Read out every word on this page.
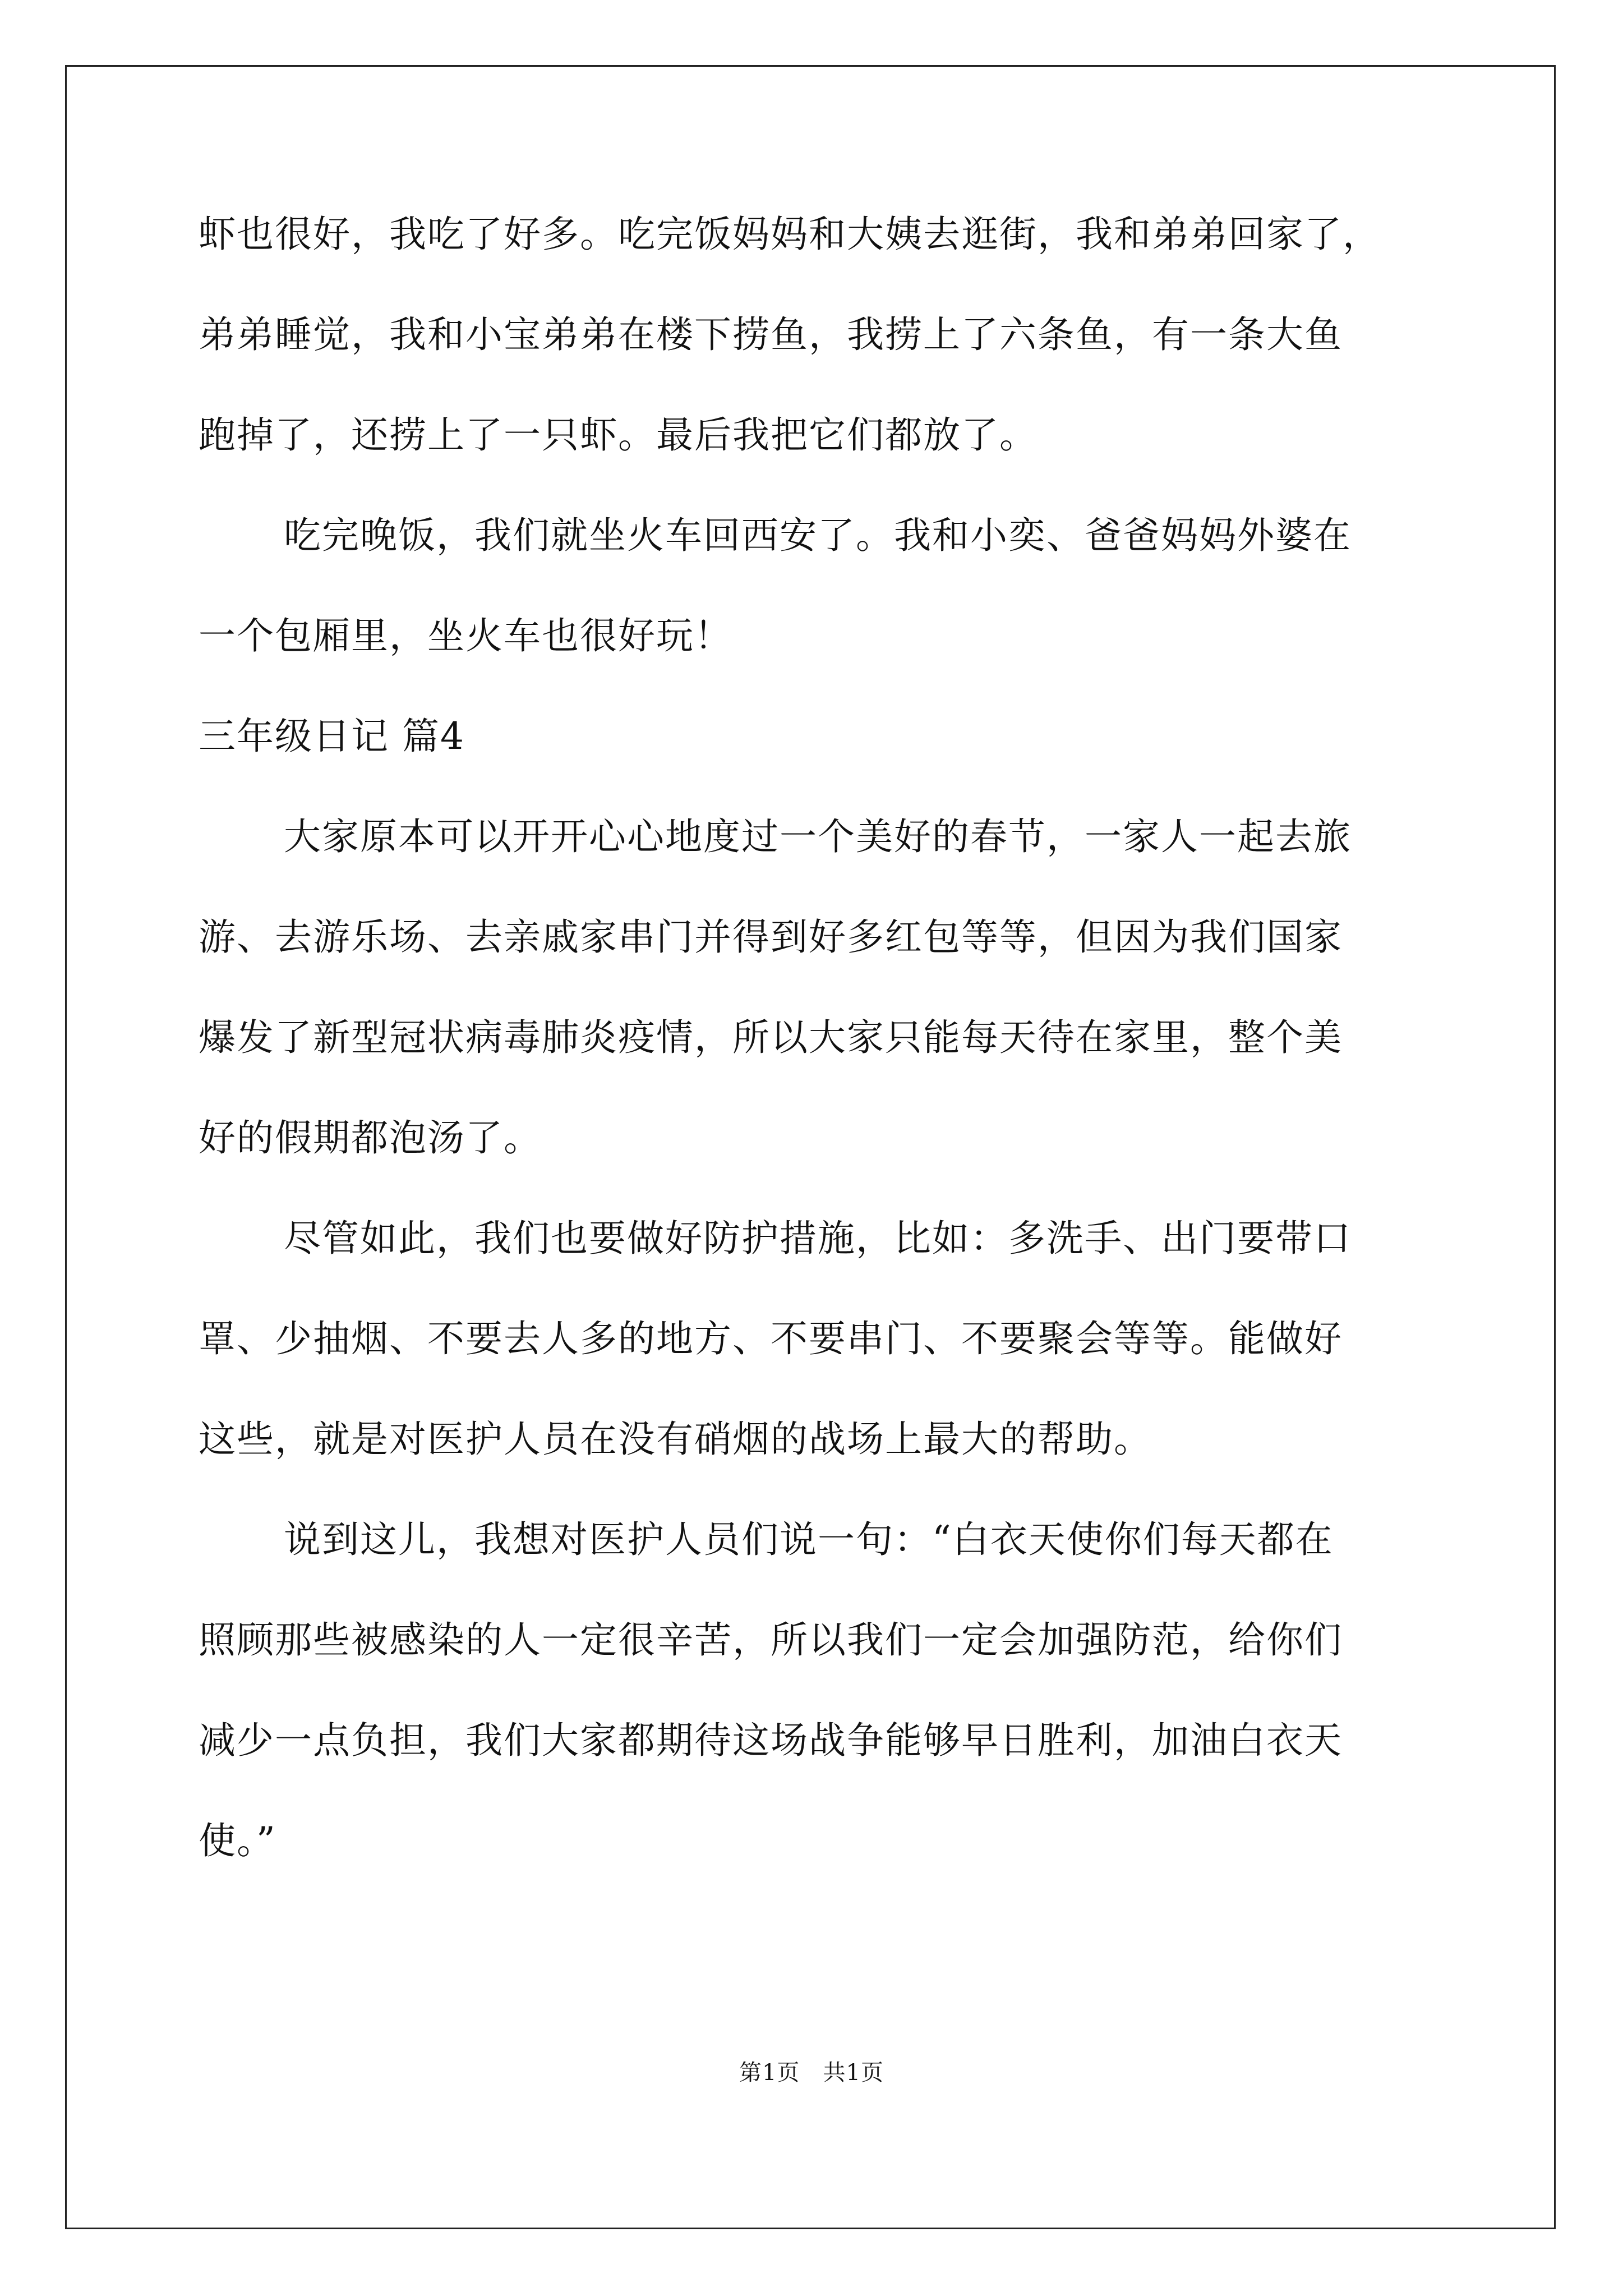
虾也很好，我吃了好多。吃完饭妈妈和大姨去逛街，我和弟弟回家了，
弟弟睡觉，我和小宝弟弟在楼下捞鱼，我捞上了六条鱼，有一条大鱼
跑掉了，还捞上了一只虾。最后我把它们都放了。
吃完晚饭，我们就坐火车回西安了。我和小奕、爸爸妈妈外婆在
一个包厢里，坐火车也很好玩！
三年级日记 篇4
大家原本可以开开心心地度过一个美好的春节，一家人一起去旅
游、去游乐场、去亲戚家串门并得到好多红包等等，但因为我们国家
爆发了新型冠状病毒肺炎疫情，所以大家只能每天待在家里，整个美
好的假期都泡汤了。
尽管如此，我们也要做好防护措施，比如：多洗手、出门要带口
罩、少抽烟、不要去人多的地方、不要串门、不要聚会等等。能做好
这些，就是对医护人员在没有硝烟的战场上最大的帮助。
说到这儿，我想对医护人员们说一句：“白衣天使你们每天都在
照顾那些被感染的人一定很辛苦，所以我们一定会加强防范，给你们
减少一点负担，我们大家都期待这场战争能够早日胜利，加油白衣天
使。”
第1页   共1页
